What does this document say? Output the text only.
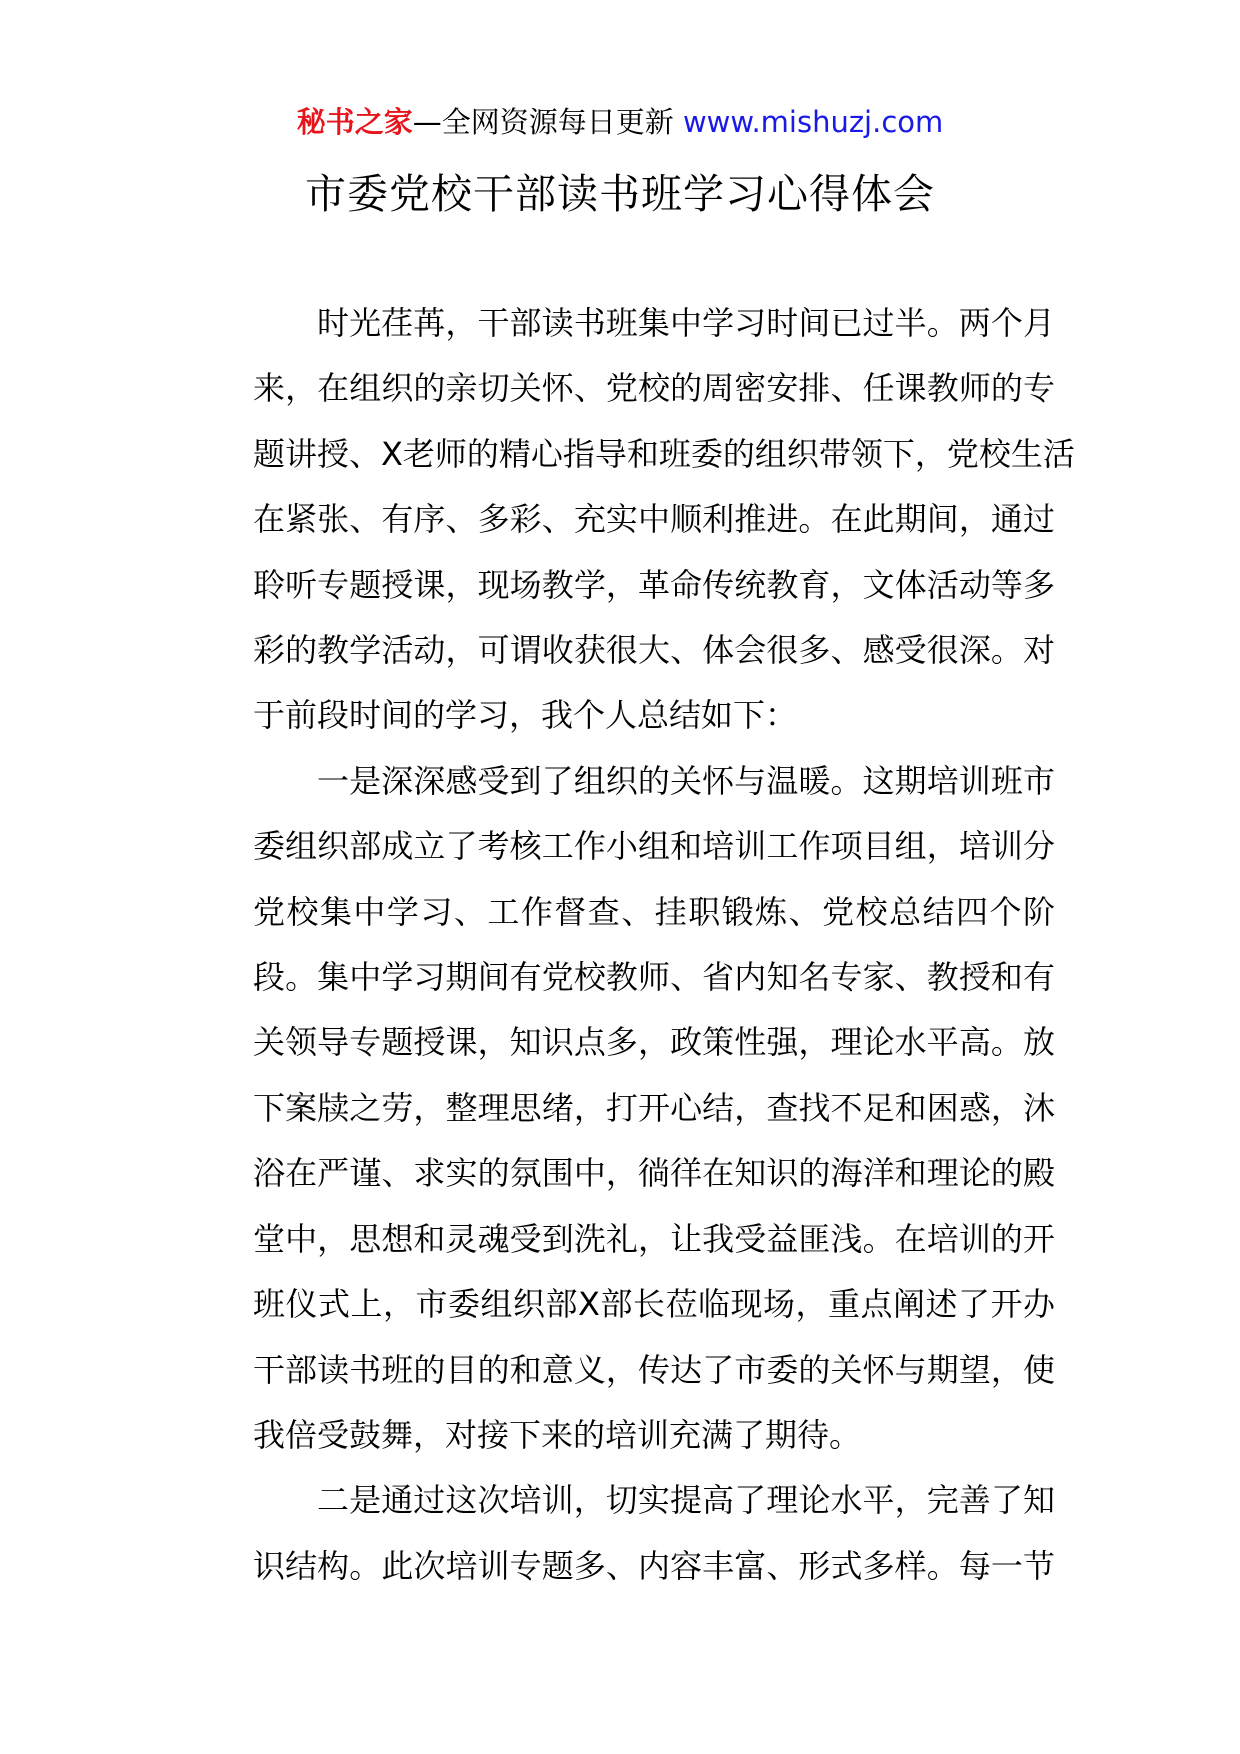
秘书之家—全网资源每日更新 www.mishuzj.com
市委党校干部读书班学习心得体会

时光荏苒，干部读书班集中学习时间已过半。两个月
来，在组织的亲切关怀、党校的周密安排、任课教师的专
题讲授、X老师的精心指导和班委的组织带领下，党校生活
在紧张、有序、多彩、充实中顺利推进。在此期间，通过
聆听专题授课，现场教学，革命传统教育，文体活动等多
彩的教学活动，可谓收获很大、体会很多、感受很深。对
于前段时间的学习，我个人总结如下：

一是深深感受到了组织的关怀与温暖。这期培训班市
委组织部成立了考核工作小组和培训工作项目组，培训分
党校集中学习、工作督查、挂职锻炼、党校总结四个阶
段。集中学习期间有党校教师、省内知名专家、教授和有
关领导专题授课，知识点多，政策性强，理论水平高。放
下案牍之劳，整理思绪，打开心结，查找不足和困惑，沐
浴在严谨、求实的氛围中，徜徉在知识的海洋和理论的殿
堂中，思想和灵魂受到洗礼，让我受益匪浅。在培训的开
班仪式上，市委组织部X部长莅临现场，重点阐述了开办
干部读书班的目的和意义，传达了市委的关怀与期望，使
我倍受鼓舞，对接下来的培训充满了期待。

二是通过这次培训，切实提高了理论水平，完善了知
识结构。此次培训专题多、内容丰富、形式多样。每一节
